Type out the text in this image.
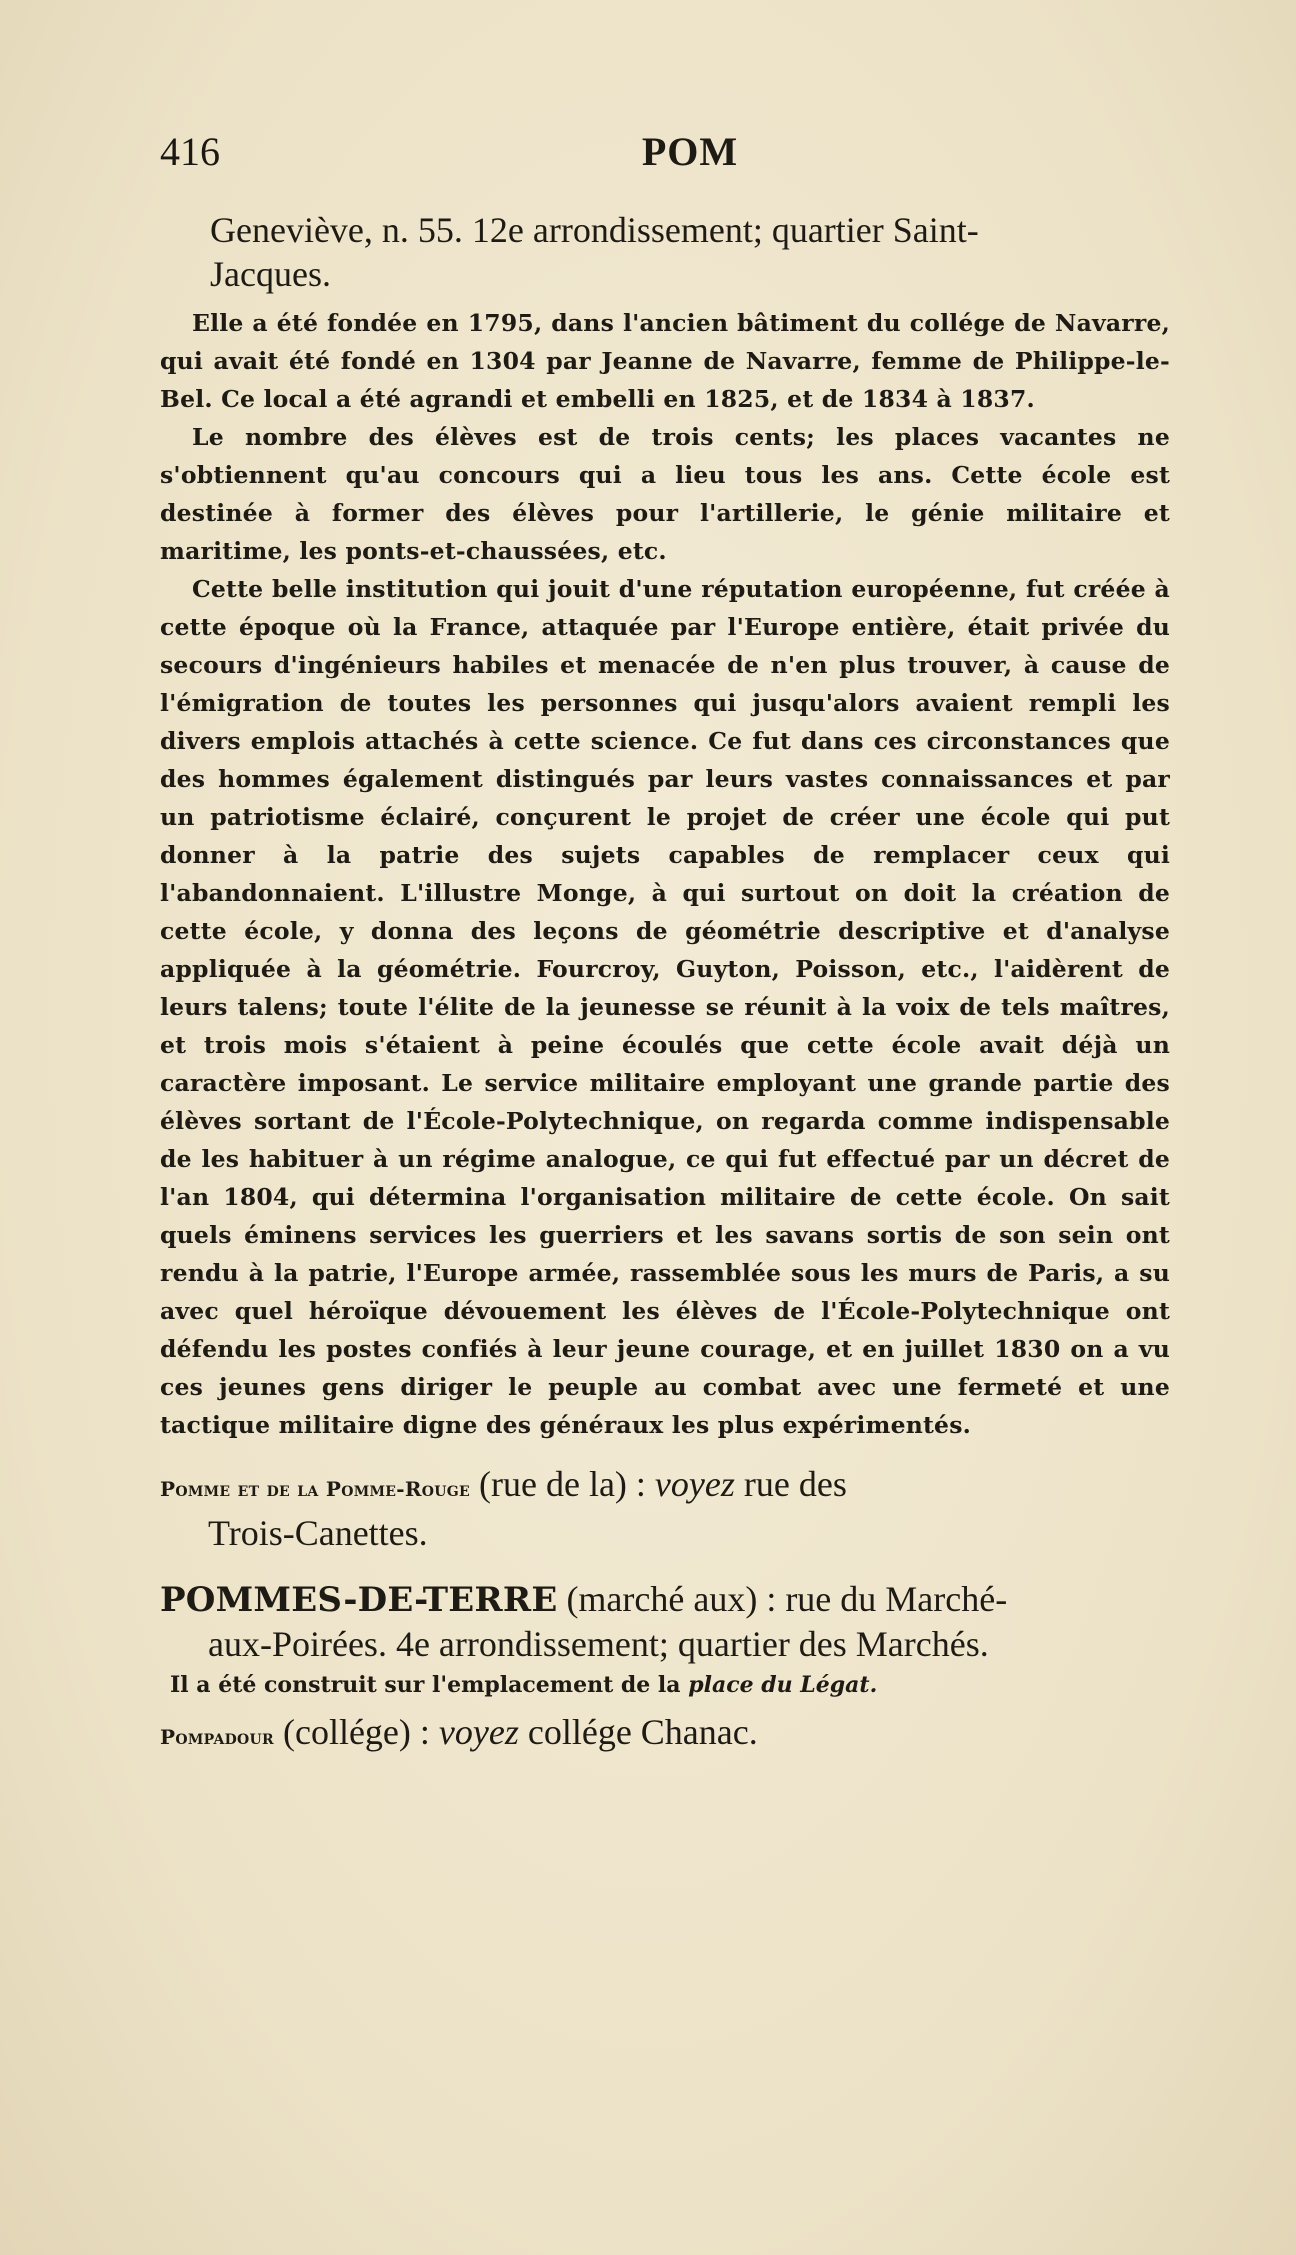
416	POM
Geneviève, n. 55. 12e arrondissement; quartier Saint-
Jacques.

Elle a été fondée en 1795, dans l'ancien bâtiment du collége de Navarre, qui avait été fondé en 1304 par Jeanne de Navarre, femme de Philippe-le-Bel. Ce local a été agrandi et embelli en 1825, et de 1834 à 1837.

Le nombre des élèves est de trois cents; les places vacantes ne s'obtiennent qu'au concours qui a lieu tous les ans. Cette école est destinée à former des élèves pour l'artillerie, le génie militaire et maritime, les ponts-et-chaussées, etc.

Cette belle institution qui jouit d'une réputation européenne, fut créée à cette époque où la France, attaquée par l'Europe entière, était privée du secours d'ingénieurs habiles et menacée de n'en plus trouver, à cause de l'émigration de toutes les personnes qui jusqu'alors avaient rempli les divers emplois attachés à cette science. Ce fut dans ces circonstances que des hommes également distingués par leurs vastes connaissances et par un patriotisme éclairé, conçurent le projet de créer une école qui put donner à la patrie des sujets capables de remplacer ceux qui l'abandonnaient. L'illustre Monge, à qui surtout on doit la création de cette école, y donna des leçons de géométrie descriptive et d'analyse appliquée à la géométrie. Fourcroy, Guyton, Poisson, etc., l'aidèrent de leurs talens; toute l'élite de la jeunesse se réunit à la voix de tels maîtres, et trois mois s'étaient à peine écoulés que cette école avait déjà un caractère imposant. Le service militaire employant une grande partie des élèves sortant de l'École-Polytechnique, on regarda comme indispensable de les habituer à un régime analogue, ce qui fut effectué par un décret de l'an 1804, qui détermina l'organisation militaire de cette école. On sait quels éminens services les guerriers et les savans sortis de son sein ont rendu à la patrie, l'Europe armée, rassemblée sous les murs de Paris, a su avec quel héroïque dévouement les élèves de l'École-Polytechnique ont défendu les postes confiés à leur jeune courage, et en juillet 1830 on a vu ces jeunes gens diriger le peuple au combat avec une fermeté et une tactique militaire digne des généraux les plus expérimentés.

Pomme et de la Pomme-Rouge (rue de la) : voyez rue des
Trois-Canettes.

POMMES-DE-TERRE (marché aux) : rue du Marché-
aux-Poirées. 4e arrondissement; quartier des Marchés.

Il a été construit sur l'emplacement de la place du Légat.

Pompadour (collége) : voyez collége Chanac.
